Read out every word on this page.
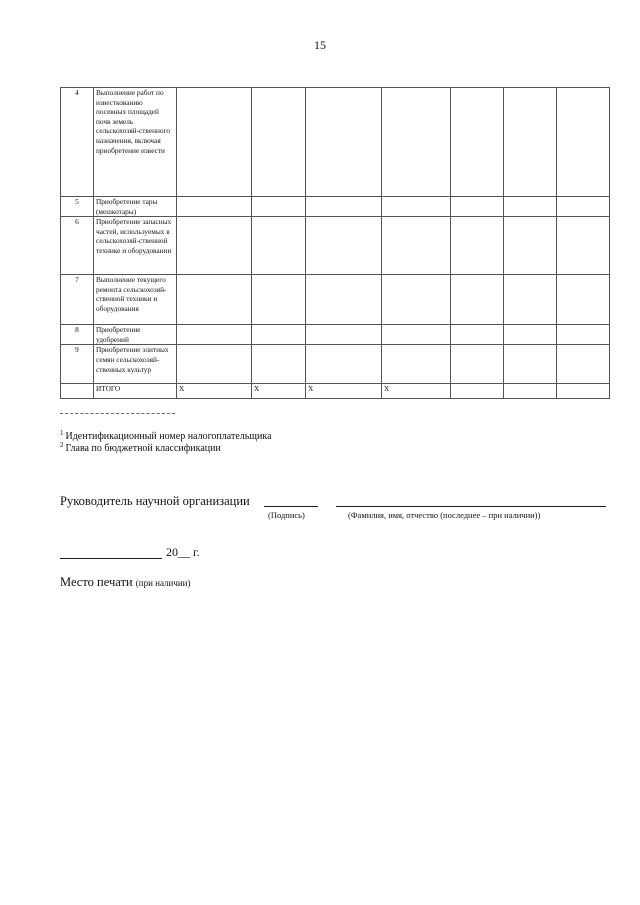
15
4	Выполнение работ по известкованию посевных площадей почв земель сельскохозяй-ственного назначения, включая приобретение извести							
5	Приобретение тары (мешкотары)							
6	Приобретение запасных частей, используемых в сельскохозяй-ственной технике и оборудовании							
7	Выполнение текущего ремонта сельскохозяй-ственной техники и оборудования							
8	Приобретение удобрений							
9	Приобретение элитных семян сельскохозяй-ственных культур							
	ИТОГО	X	X	X	X			
$^1$ Идентификационный номер налогоплательщика
$^2$ Глава по бюджетной классификации
Руководитель научной организации
(Подпись)	(Фамилия, имя, отчество (последнее – при наличии))
20__ г.
Место печати (при наличии)
